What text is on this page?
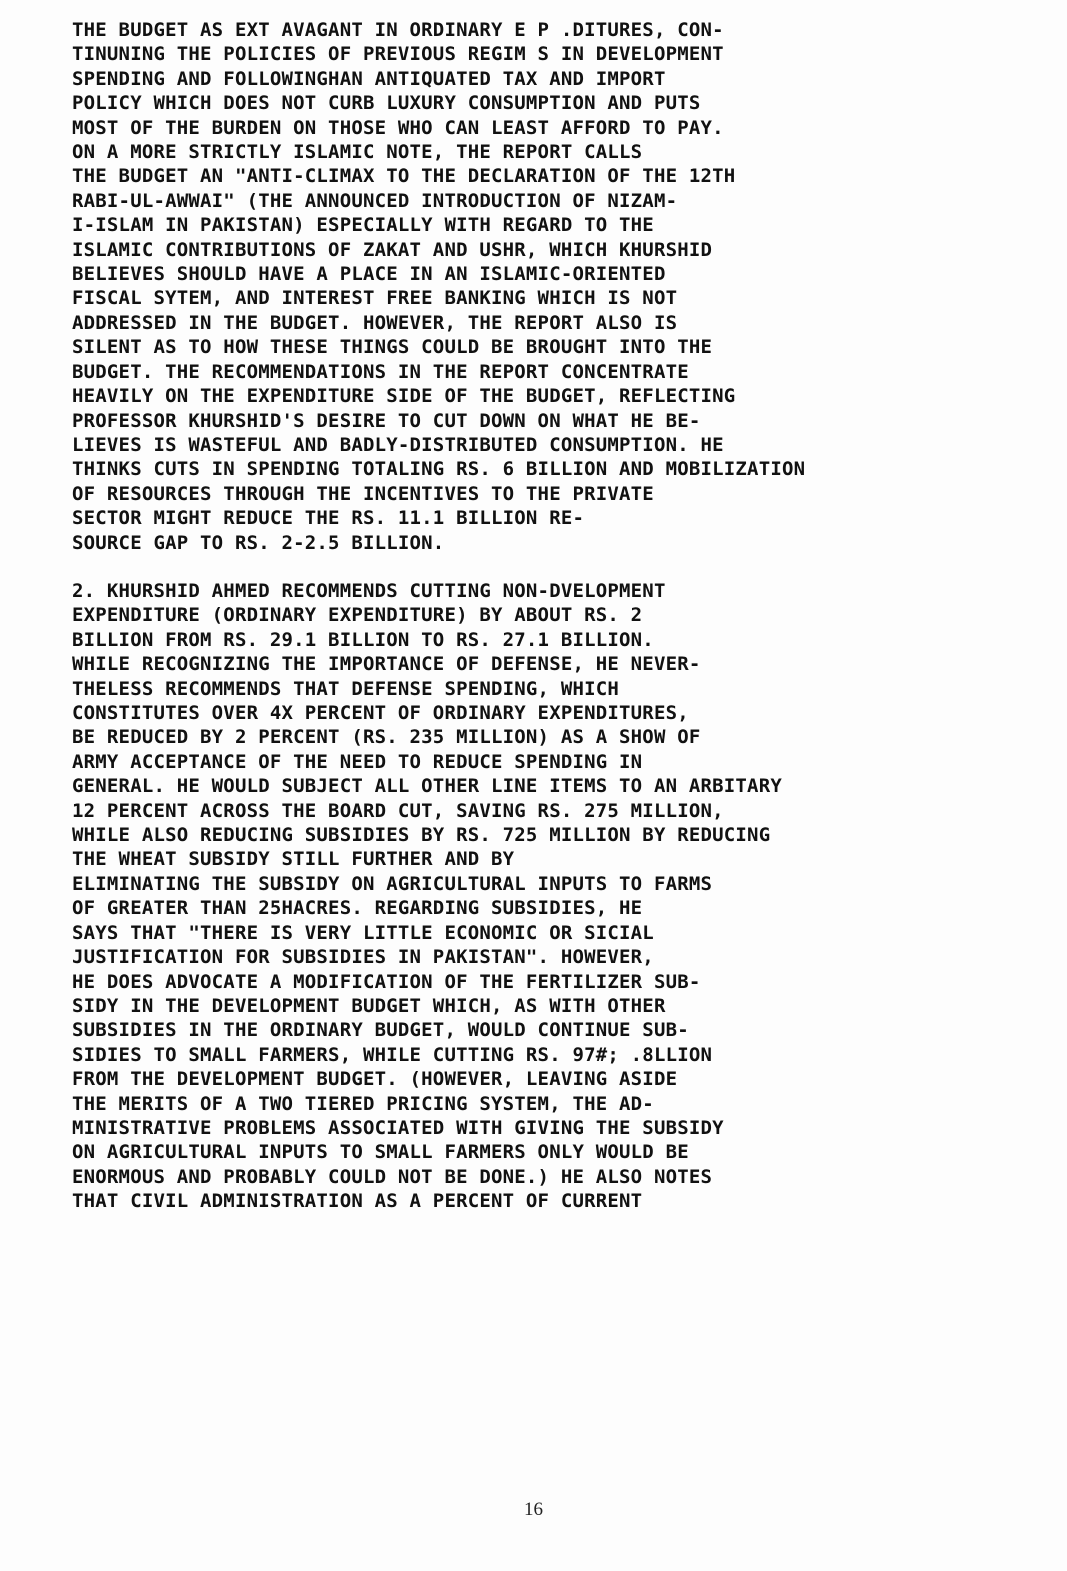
THE BUDGET AS EXT AVAGANT IN ORDINARY E P .DITURES, CON-
TINUNING THE POLICIES OF PREVIOUS REGIM S IN DEVELOPMENT
SPENDING AND FOLLOWINGHAN ANTIQUATED TAX AND IMPORT
POLICY WHICH DOES NOT CURB LUXURY CONSUMPTION AND PUTS
MOST OF THE BURDEN ON THOSE WHO CAN LEAST AFFORD TO PAY.
ON A MORE STRICTLY ISLAMIC NOTE, THE REPORT CALLS
THE BUDGET AN "ANTI-CLIMAX TO THE DECLARATION OF THE 12TH
RABI-UL-AWWAI" (THE ANNOUNCED INTRODUCTION OF NIZAM-
I-ISLAM IN PAKISTAN) ESPECIALLY WITH REGARD TO THE
ISLAMIC CONTRIBUTIONS OF ZAKAT AND USHR, WHICH KHURSHID
BELIEVES SHOULD HAVE A PLACE IN AN ISLAMIC-ORIENTED
FISCAL SYTEM, AND INTEREST FREE BANKING WHICH IS NOT
ADDRESSED IN THE BUDGET. HOWEVER, THE REPORT ALSO IS
SILENT AS TO HOW THESE THINGS COULD BE BROUGHT INTO THE
BUDGET. THE RECOMMENDATIONS IN THE REPORT CONCENTRATE
HEAVILY ON THE EXPENDITURE SIDE OF THE BUDGET, REFLECTING
PROFESSOR KHURSHID'S DESIRE TO CUT DOWN ON WHAT HE BE-
LIEVES IS WASTEFUL AND BADLY-DISTRIBUTED CONSUMPTION. HE
THINKS CUTS IN SPENDING TOTALING RS. 6 BILLION AND MOBILIZATION
OF RESOURCES THROUGH THE INCENTIVES TO THE PRIVATE
SECTOR MIGHT REDUCE THE RS. 11.1 BILLION RE-
SOURCE GAP TO RS. 2-2.5 BILLION.
2. KHURSHID AHMED RECOMMENDS CUTTING NON-DVELOPMENT
EXPENDITURE (ORDINARY EXPENDITURE) BY ABOUT RS. 2
BILLION FROM RS. 29.1 BILLION TO RS. 27.1 BILLION.
WHILE RECOGNIZING THE IMPORTANCE OF DEFENSE, HE NEVER-
THELESS RECOMMENDS THAT DEFENSE SPENDING, WHICH
CONSTITUTES OVER 4X PERCENT OF ORDINARY EXPENDITURES,
BE REDUCED BY 2 PERCENT (RS. 235 MILLION) AS A SHOW OF
ARMY ACCEPTANCE OF THE NEED TO REDUCE SPENDING IN
GENERAL. HE WOULD SUBJECT ALL OTHER LINE ITEMS TO AN ARBITARY
12 PERCENT ACROSS THE BOARD CUT, SAVING RS. 275 MILLION,
WHILE ALSO REDUCING SUBSIDIES BY RS. 725 MILLION BY REDUCING
THE WHEAT SUBSIDY STILL FURTHER AND BY
ELIMINATING THE SUBSIDY ON AGRICULTURAL INPUTS TO FARMS
OF GREATER THAN 25HACRES. REGARDING SUBSIDIES, HE
SAYS THAT "THERE IS VERY LITTLE ECONOMIC OR SICIAL
JUSTIFICATION FOR SUBSIDIES IN PAKISTAN". HOWEVER,
HE DOES ADVOCATE A MODIFICATION OF THE FERTILIZER SUB-
SIDY IN THE DEVELOPMENT BUDGET WHICH, AS WITH OTHER
SUBSIDIES IN THE ORDINARY BUDGET, WOULD CONTINUE SUB-
SIDIES TO SMALL FARMERS, WHILE CUTTING RS. 97#; .8LLION
FROM THE DEVELOPMENT BUDGET. (HOWEVER, LEAVING ASIDE
THE MERITS OF A TWO TIERED PRICING SYSTEM, THE AD-
MINISTRATIVE PROBLEMS ASSOCIATED WITH GIVING THE SUBSIDY
ON AGRICULTURAL INPUTS TO SMALL FARMERS ONLY WOULD BE
ENORMOUS AND PROBABLY COULD NOT BE DONE.) HE ALSO NOTES
THAT CIVIL ADMINISTRATION AS A PERCENT OF CURRENT
16
